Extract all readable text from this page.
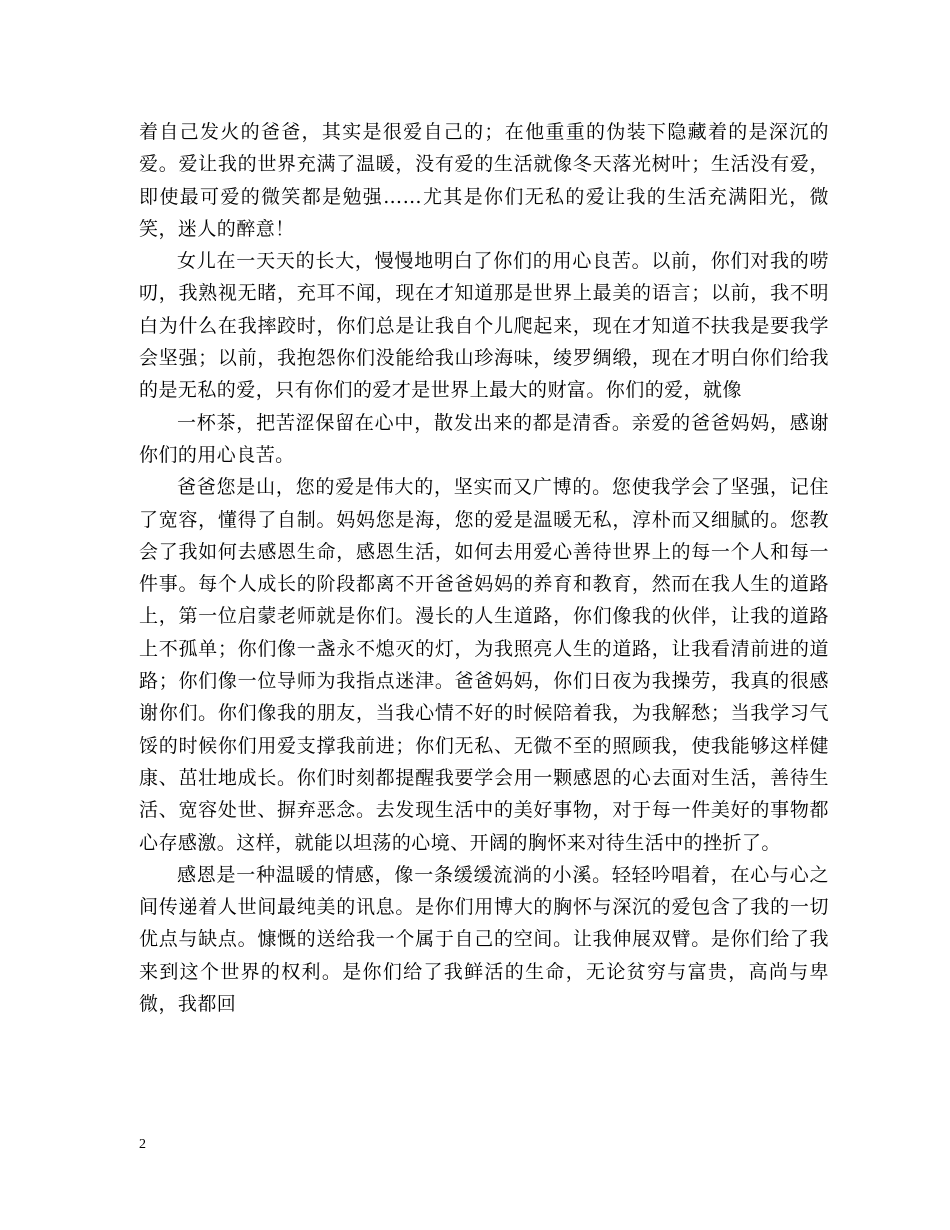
着自己发火的爸爸，其实是很爱自己的；在他重重的伪装下隐藏着的是深沉的爱。爱让我的世界充满了温暖，没有爱的生活就像冬天落光树叶；生活没有爱，即使最可爱的微笑都是勉强……尤其是你们无私的爱让我的生活充满阳光，微笑，迷人的醉意！

女儿在一天天的长大，慢慢地明白了你们的用心良苦。以前，你们对我的唠叨，我熟视无睹，充耳不闻，现在才知道那是世界上最美的语言；以前，我不明白为什么在我摔跤时，你们总是让我自个儿爬起来，现在才知道不扶我是要我学会坚强；以前，我抱怨你们没能给我山珍海味，绫罗绸缎，现在才明白你们给我的是无私的爱，只有你们的爱才是世界上最大的财富。你们的爱，就像

一杯茶，把苦涩保留在心中，散发出来的都是清香。亲爱的爸爸妈妈，感谢你们的用心良苦。

爸爸您是山，您的爱是伟大的，坚实而又广博的。您使我学会了坚强，记住了宽容，懂得了自制。妈妈您是海，您的爱是温暖无私，淳朴而又细腻的。您教会了我如何去感恩生命，感恩生活，如何去用爱心善待世界上的每一个人和每一件事。每个人成长的阶段都离不开爸爸妈妈的养育和教育，然而在我人生的道路上，第一位启蒙老师就是你们。漫长的人生道路，你们像我的伙伴，让我的道路上不孤单；你们像一盏永不熄灭的灯，为我照亮人生的道路，让我看清前进的道路；你们像一位导师为我指点迷津。爸爸妈妈，你们日夜为我操劳，我真的很感谢你们。你们像我的朋友，当我心情不好的时候陪着我，为我解愁；当我学习气馁的时候你们用爱支撑我前进；你们无私、无微不至的照顾我，使我能够这样健康、茁壮地成长。你们时刻都提醒我要学会用一颗感恩的心去面对生活，善待生活、宽容处世、摒弃恶念。去发现生活中的美好事物，对于每一件美好的事物都心存感激。这样，就能以坦荡的心境、开阔的胸怀来对待生活中的挫折了。

感恩是一种温暖的情感，像一条缓缓流淌的小溪。轻轻吟唱着，在心与心之间传递着人世间最纯美的讯息。是你们用博大的胸怀与深沉的爱包含了我的一切优点与缺点。慷慨的送给我一个属于自己的空间。让我伸展双臂。是你们给了我来到这个世界的权利。是你们给了我鲜活的生命，无论贫穷与富贵，高尚与卑微，我都回

2
